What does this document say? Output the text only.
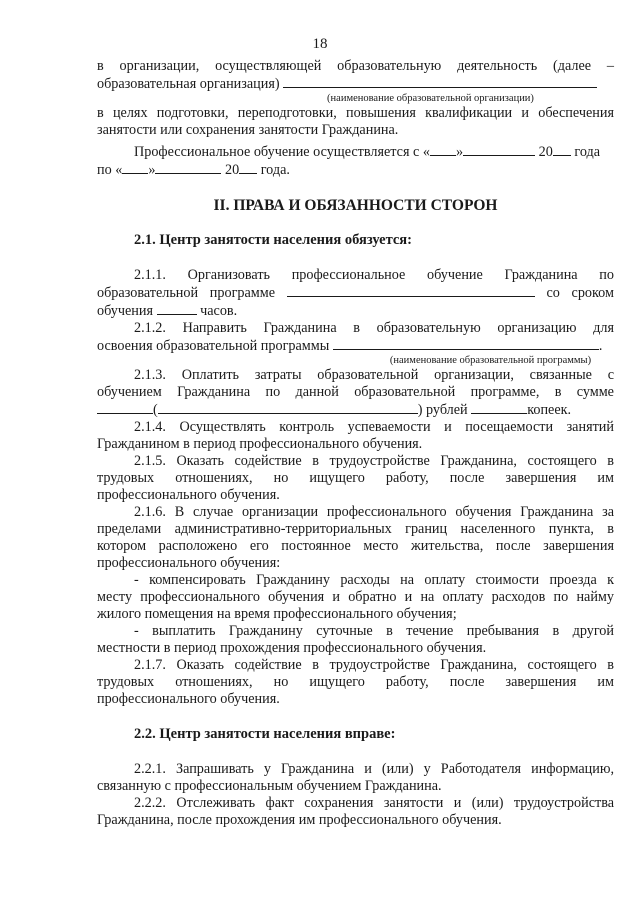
18

в организации, осуществляющей образовательную деятельность (далее –

образовательная организация)

(наименование образовательной организации)

в целях подготовки, переподготовки, повышения квалификации и обеспечения

занятости или сохранения занятости Гражданина.

Профессиональное обучение осуществляется с « »	20 года

по « »	20 года.

II. ПРАВА И ОБЯЗАННОСТИ СТОРОН

2.1. Центр занятости населения обязуется:

2.1.1. Организовать профессиональное обучение Гражданина по

образовательной программе	со сроком

обучения	часов.

2.1.2. Направить Гражданина в образовательную организацию для

освоения образовательной программы	.

(наименование образовательной программы)

2.1.3. Оплатить затраты образовательной организации, связанные с

обучением Гражданина по данной образовательной программе, в сумме

(	) рублей	копеек.

2.1.4. Осуществлять контроль успеваемости и посещаемости занятий

Гражданином в период профессионального обучения.

2.1.5. Оказать содействие в трудоустройстве Гражданина, состоящего в

трудовых отношениях, но ищущего работу, после завершения им

профессионального обучения.

2.1.6. В случае организации профессионального обучения Гражданина за

пределами административно-территориальных границ населенного пункта, в

котором расположено его постоянное место жительства, после завершения

профессионального обучения:

- компенсировать Гражданину расходы на оплату стоимости проезда к

месту профессионального обучения и обратно и на оплату расходов по найму

жилого помещения на время профессионального обучения;

- выплатить Гражданину суточные в течение пребывания в другой

местности в период прохождения профессионального обучения.

2.1.7. Оказать содействие в трудоустройстве Гражданина, состоящего в

трудовых отношениях, но ищущего работу, после завершения им

профессионального обучения.

2.2. Центр занятости населения вправе:

2.2.1. Запрашивать у Гражданина и (или) у Работодателя информацию,

связанную с профессиональным обучением Гражданина.

2.2.2. Отслеживать факт сохранения занятости и (или) трудоустройства

Гражданина, после прохождения им профессионального обучения.
